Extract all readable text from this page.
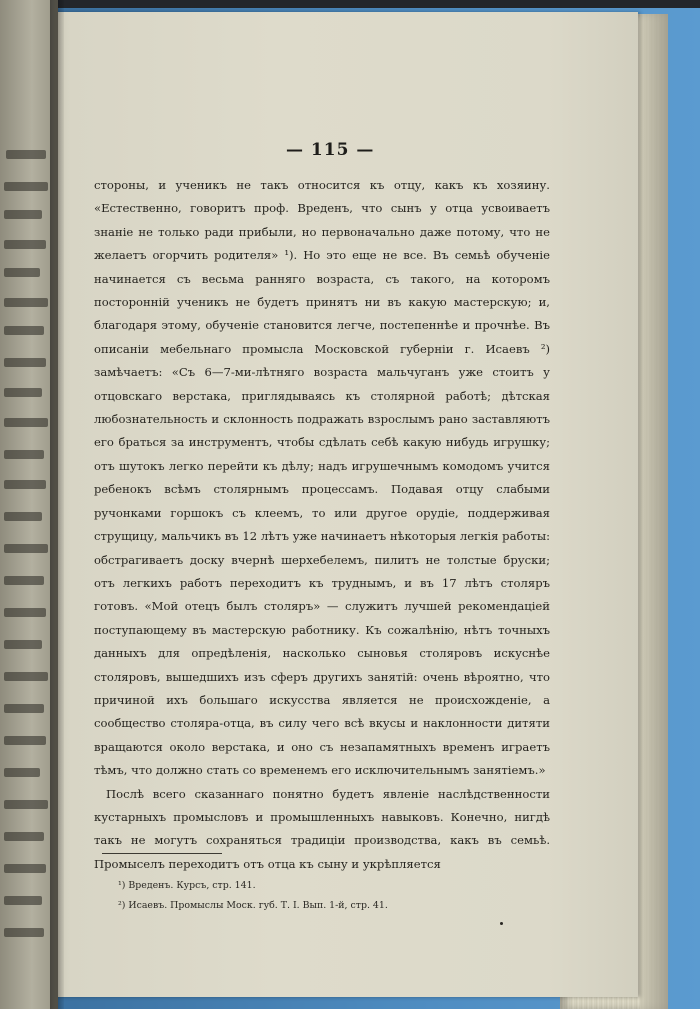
— 115 —

стороны, и ученикъ не такъ относится къ отцу, какъ къ хозяину. «Естественно, говоритъ проф. Вреденъ, что сынъ у отца усвоиваетъ знаніе не только ради прибыли, но первоначально даже потому, что не желаетъ огорчить родителя» ¹). Но это еще не все. Въ семьѣ обученіе начинается съ весьма ранняго возраста, съ такого, на которомъ посторонній ученикъ не будетъ принятъ ни въ какую мастерскую; и, благодаря этому, обученіе становится легче, постепеннѣе и прочнѣе. Въ описаніи мебельнаго промысла Московской губерніи г. Исаевъ ²) замѣчаетъ: «Съ 6—7-ми-лѣтняго возраста мальчуганъ уже стоитъ у отцовскаго верстака, приглядываясь къ столярной работѣ; дѣтская любознательность и склонность подражать взрослымъ рано заставляютъ его браться за инструментъ, чтобы сдѣлать себѣ какую нибудь игрушку; отъ шутокъ легко перейти къ дѣлу; надъ игрушечнымъ комодомъ учится ребенокъ всѣмъ столярнымъ процессамъ. Подавая отцу слабыми ручонками горшокъ съ клеемъ, то или другое орудіе, поддерживая струщицу, мальчикъ въ 12 лѣтъ уже начинаетъ нѣкоторыя легкія работы: обстрагиваетъ доску вчернѣ шерхебелемъ, пилитъ не толстые бруски; отъ легкихъ работъ переходитъ къ труднымъ, и въ 17 лѣтъ столяръ готовъ. «Мой отецъ былъ столяръ» — служитъ лучшей рекомендаціей поступающему въ мастерскую работнику. Къ сожалѣнію, нѣтъ точныхъ данныхъ для опредѣленія, насколько сыновья столяровъ искуснѣе столяровъ, вышедшихъ изъ сферъ другихъ занятій: очень вѣроятно, что причиной ихъ большаго искусства является не происхожденіе, а сообщество столяра-отца, въ силу чего всѣ вкусы и наклонности дитяти вращаются около верстака, и оно съ незапамятныхъ временъ играетъ тѣмъ, что должно стать со временемъ его исключительнымъ занятіемъ.»

Послѣ всего сказаннаго понятно будетъ явленіе наслѣдственности кустарныхъ промысловъ и промышленныхъ навыковъ. Конечно, нигдѣ такъ не могутъ сохраняться традиціи производства, какъ въ семьѣ. Промыселъ переходитъ отъ отца къ сыну и укрѣпляется

¹) Вреденъ. Курсъ, стр. 141.
²) Исаевъ. Промыслы Моск. губ. Т. I. Вып. 1-й, стр. 41.
